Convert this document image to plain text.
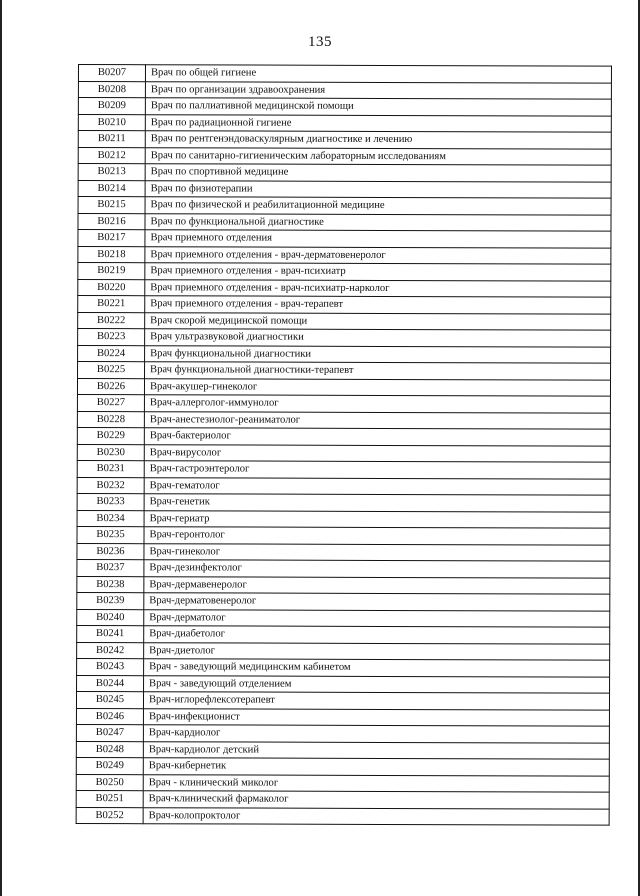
135
B0207	Врач по общей гигиене
B0208	Врач по организации здравоохранения
B0209	Врач по паллиативной медицинской помощи
B0210	Врач по радиационной гигиене
B0211	Врач по рентгенэндоваскулярным диагностике и лечению
B0212	Врач по санитарно-гигиеническим лабораторным исследованиям
B0213	Врач по спортивной медицине
B0214	Врач по физиотерапии
B0215	Врач по физической и реабилитационной медицине
B0216	Врач по функциональной диагностике
B0217	Врач приемного отделения
B0218	Врач приемного отделения - врач-дерматовенеролог
B0219	Врач приемного отделения - врач-психиатр
B0220	Врач приемного отделения - врач-психиатр-нарколог
B0221	Врач приемного отделения - врач-терапевт
B0222	Врач скорой медицинской помощи
B0223	Врач ультразвуковой диагностики
B0224	Врач функциональной диагностики
B0225	Врач функциональной диагностики-терапевт
B0226	Врач-акушер-гинеколог
B0227	Врач-аллерголог-иммунолог
B0228	Врач-анестезиолог-реаниматолог
B0229	Врач-бактериолог
B0230	Врач-вирусолог
B0231	Врач-гастроэнтеролог
B0232	Врач-гематолог
B0233	Врач-генетик
B0234	Врач-гериатр
B0235	Врач-геронтолог
B0236	Врач-гинеколог
B0237	Врач-дезинфектолог
B0238	Врач-дермавенеролог
B0239	Врач-дерматовенеролог
B0240	Врач-дерматолог
B0241	Врач-диабетолог
B0242	Врач-диетолог
B0243	Врач - заведующий медицинским кабинетом
B0244	Врач - заведующий отделением
B0245	Врач-иглорефлексотерапевт
B0246	Врач-инфекционист
B0247	Врач-кардиолог
B0248	Врач-кардиолог детский
B0249	Врач-кибернетик
B0250	Врач - клинический миколог
B0251	Врач-клинический фармаколог
B0252	Врач-колопроктолог
